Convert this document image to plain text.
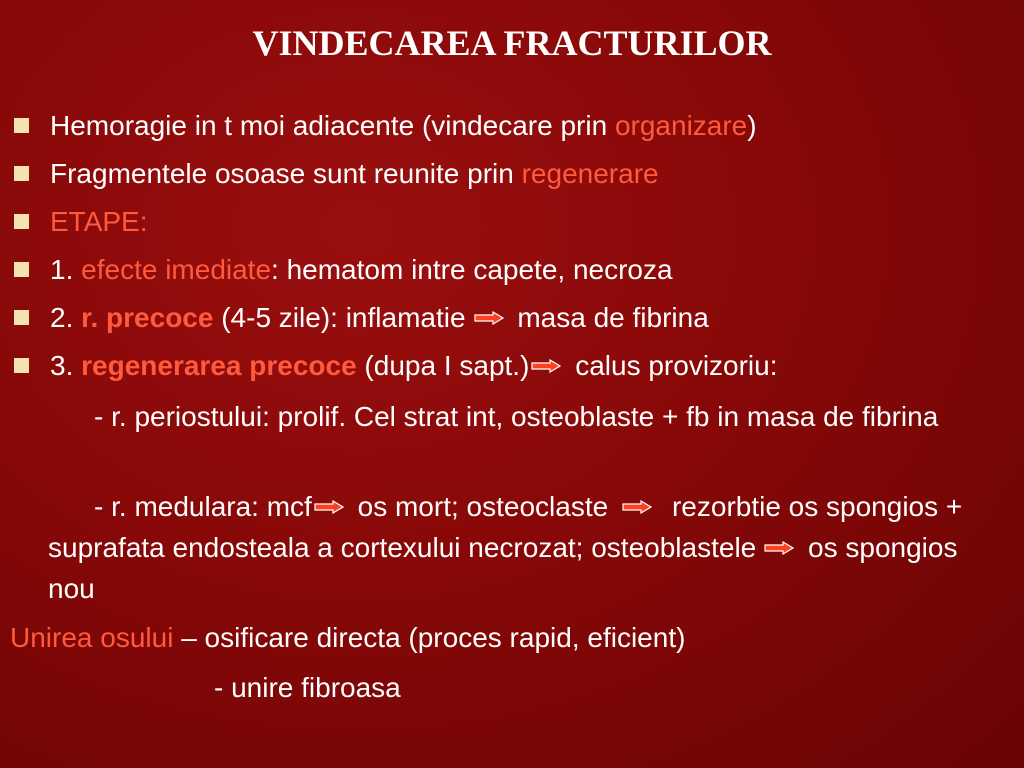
VINDECAREA FRACTURILOR
Hemoragie in t moi adiacente (vindecare prin organizare)
Fragmentele osoase sunt reunite prin regenerare
ETAPE:
1. efecte imediate: hematom intre capete, necroza
2. r. precoce (4-5 zile): inflamatie masa de fibrina
3. regenerarea precoce (dupa I sapt.) calus provizoriu:

- r. periostului: prolif. Cel strat int, osteoblaste + fb in masa de fibrina

- r. medulara: mcf os mort; osteoclaste rezorbtie os spongios + suprafata endosteala a cortexului necrozat; osteoblastele os spongios nou

Unirea osului – osificare directa (proces rapid, eficient)
- unire fibroasa
